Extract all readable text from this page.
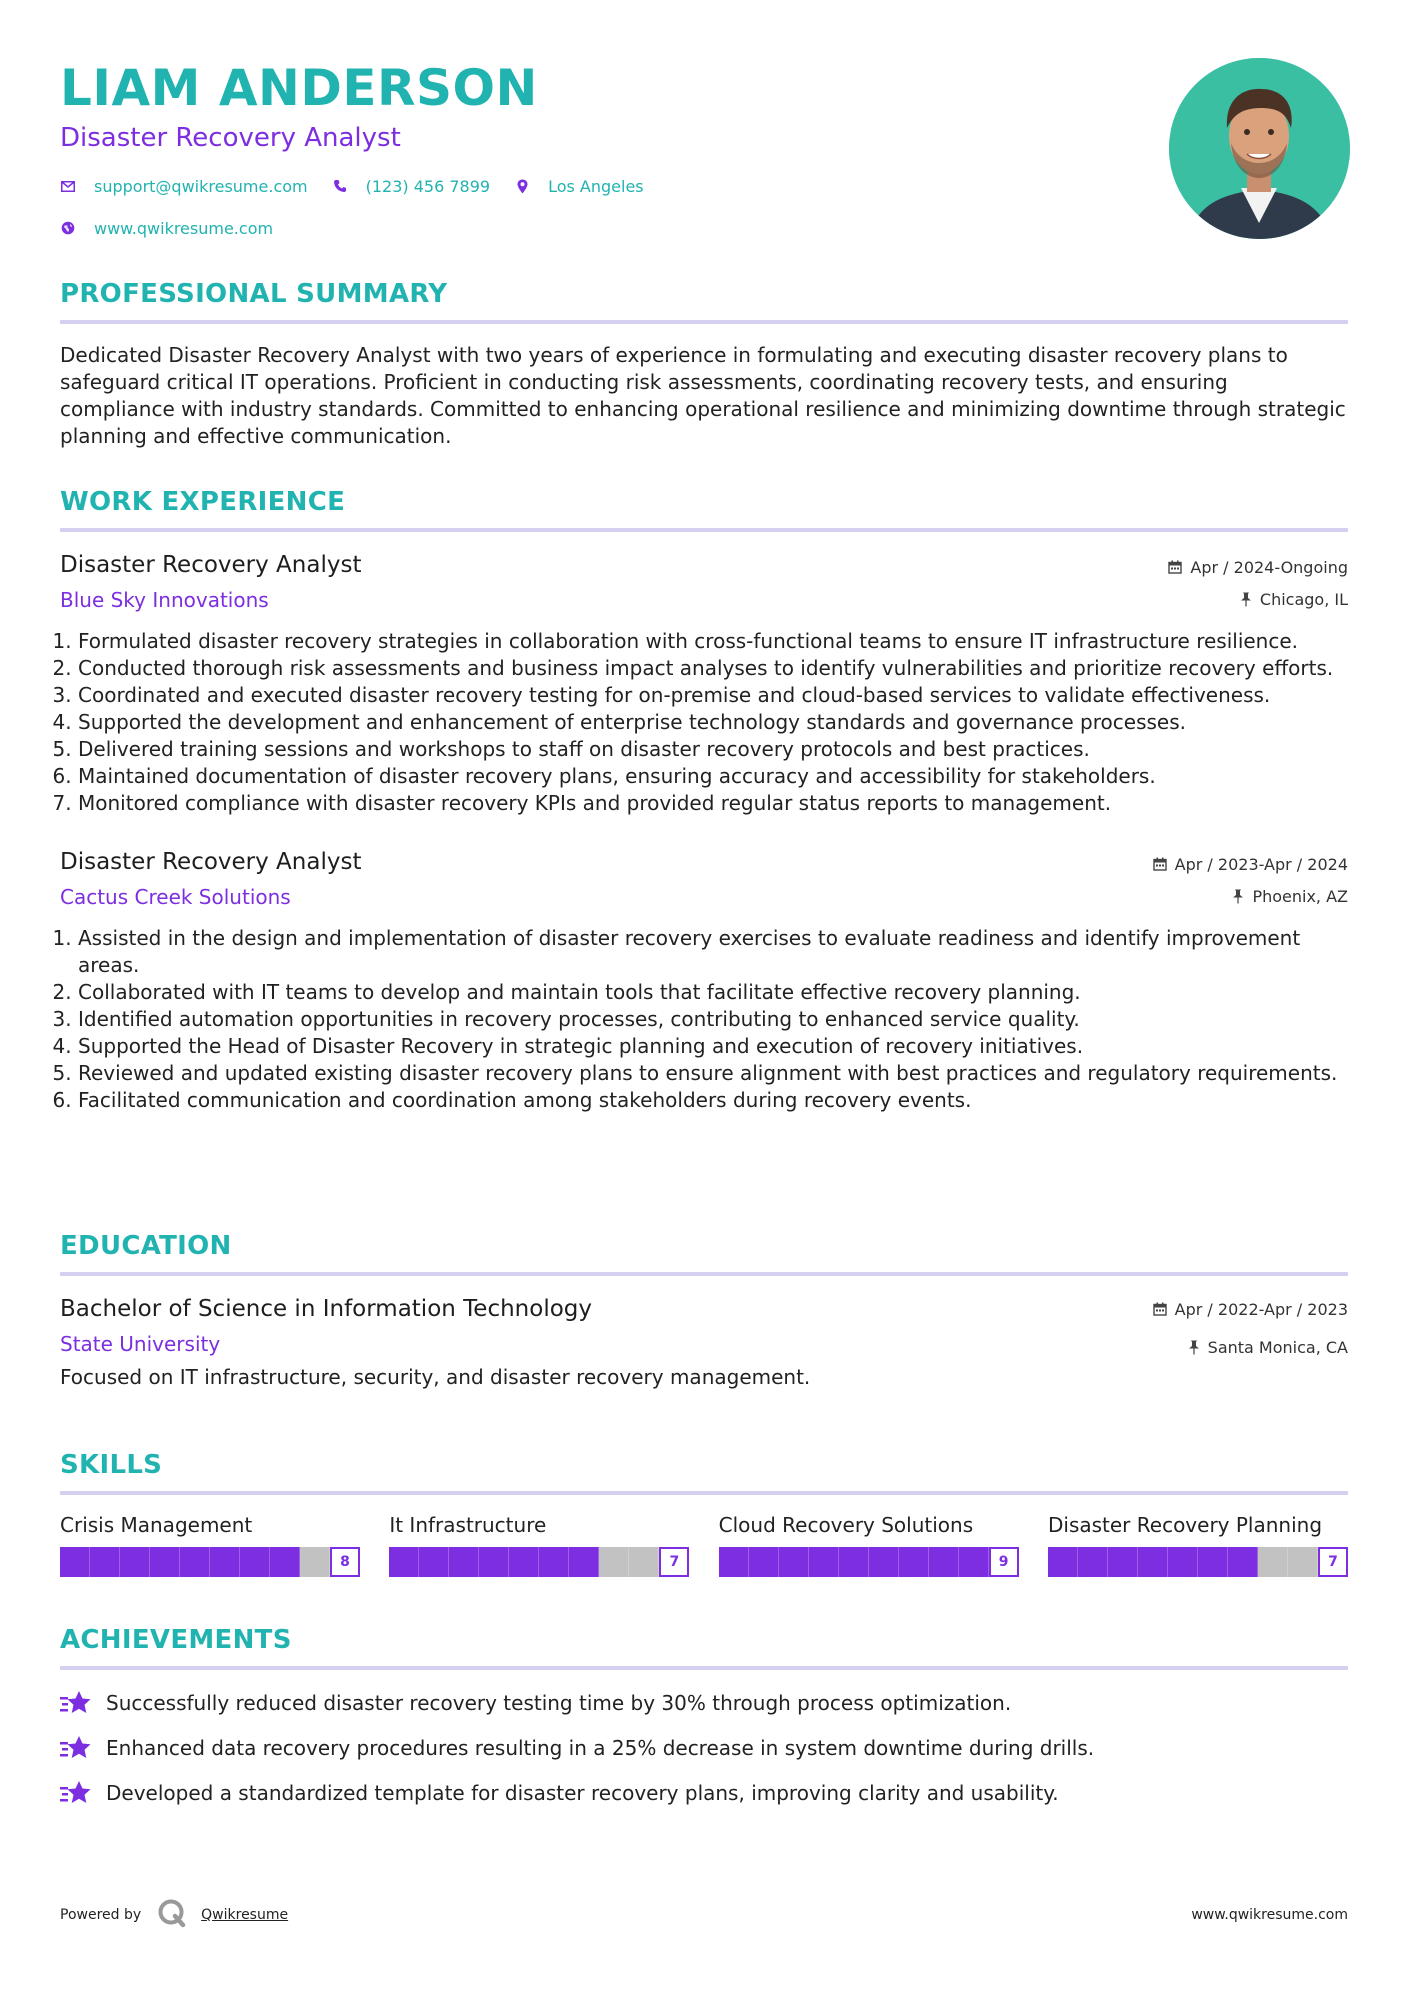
LIAM ANDERSON
Disaster Recovery Analyst
support@qwikresume.com	(123) 456 7899	Los Angeles
www.qwikresume.com
PROFESSIONAL SUMMARY
Dedicated Disaster Recovery Analyst with two years of experience in formulating and executing disaster recovery plans to safeguard critical IT operations. Proficient in conducting risk assessments, coordinating recovery tests, and ensuring compliance with industry standards. Committed to enhancing operational resilience and minimizing downtime through strategic planning and effective communication.
WORK EXPERIENCE
Disaster Recovery Analyst
Blue Sky Innovations
Apr / 2024-Ongoing
Chicago, IL
1. Formulated disaster recovery strategies in collaboration with cross-functional teams to ensure IT infrastructure resilience.
2. Conducted thorough risk assessments and business impact analyses to identify vulnerabilities and prioritize recovery efforts.
3. Coordinated and executed disaster recovery testing for on-premise and cloud-based services to validate effectiveness.
4. Supported the development and enhancement of enterprise technology standards and governance processes.
5. Delivered training sessions and workshops to staff on disaster recovery protocols and best practices.
6. Maintained documentation of disaster recovery plans, ensuring accuracy and accessibility for stakeholders.
7. Monitored compliance with disaster recovery KPIs and provided regular status reports to management.
Disaster Recovery Analyst
Cactus Creek Solutions
Apr / 2023-Apr / 2024
Phoenix, AZ
1. Assisted in the design and implementation of disaster recovery exercises to evaluate readiness and identify improvement areas.
2. Collaborated with IT teams to develop and maintain tools that facilitate effective recovery planning.
3. Identified automation opportunities in recovery processes, contributing to enhanced service quality.
4. Supported the Head of Disaster Recovery in strategic planning and execution of recovery initiatives.
5. Reviewed and updated existing disaster recovery plans to ensure alignment with best practices and regulatory requirements.
6. Facilitated communication and coordination among stakeholders during recovery events.
EDUCATION
Bachelor of Science in Information Technology
State University
Apr / 2022-Apr / 2023
Santa Monica, CA
Focused on IT infrastructure, security, and disaster recovery management.
SKILLS
Crisis Management
8
It Infrastructure
7
Cloud Recovery Solutions
9
Disaster Recovery Planning
7
ACHIEVEMENTS
Successfully reduced disaster recovery testing time by 30% through process optimization.
Enhanced data recovery procedures resulting in a 25% decrease in system downtime during drills.
Developed a standardized template for disaster recovery plans, improving clarity and usability.
Powered by	Qwikresume	www.qwikresume.com
